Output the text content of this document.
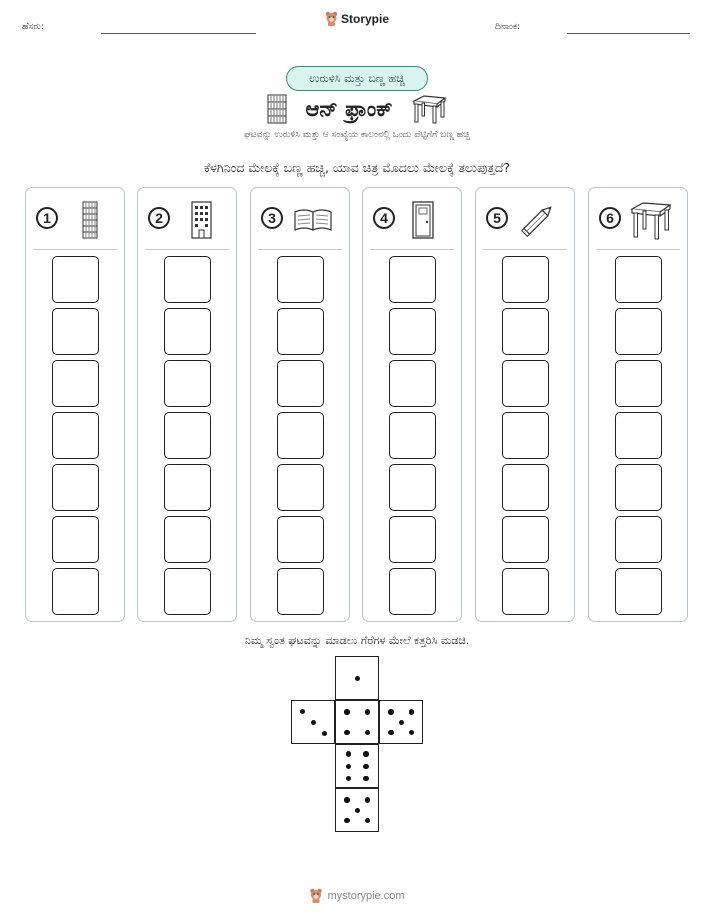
ಹೆಸರು:
Storypie
ದಿನಾಂಕ:
ಉರುಳಿಸಿ ಮತ್ತು ಬಣ್ಣ ಹಚ್ಚಿ
ಆನ್ ಫ್ರಾಂಕ್
ಘಟವನ್ನು ಉರುಳಿಸಿ ಮತ್ತು ಆ ಸಂಖ್ಯೆಯ ಕಾಲಂನಲ್ಲಿ ಒಂದು ಪೆಟ್ಟಿಗೆಗೆ ಬಣ್ಣ ಹಚ್ಚಿ
ಕೆಳಗಿನಿಂದ ಮೇಲಕ್ಕೆ ಬಣ್ಣ ಹಚ್ಚಿ, ಯಾವ ಚಿತ್ರ ಮೊದಲು ಮೇಲಕ್ಕೆ ತಲುಪುತ್ತದೆ?
1	2	3	4	5	6
ನಿಮ್ಮ ಸ್ವಂತ ಘಟವನ್ನು ಮಾಡಲು ಗೆರೆಗಳ ಮೇಲೆ ಕತ್ತರಿಸಿ ಮಡಚಿ.
mystorypie.com
